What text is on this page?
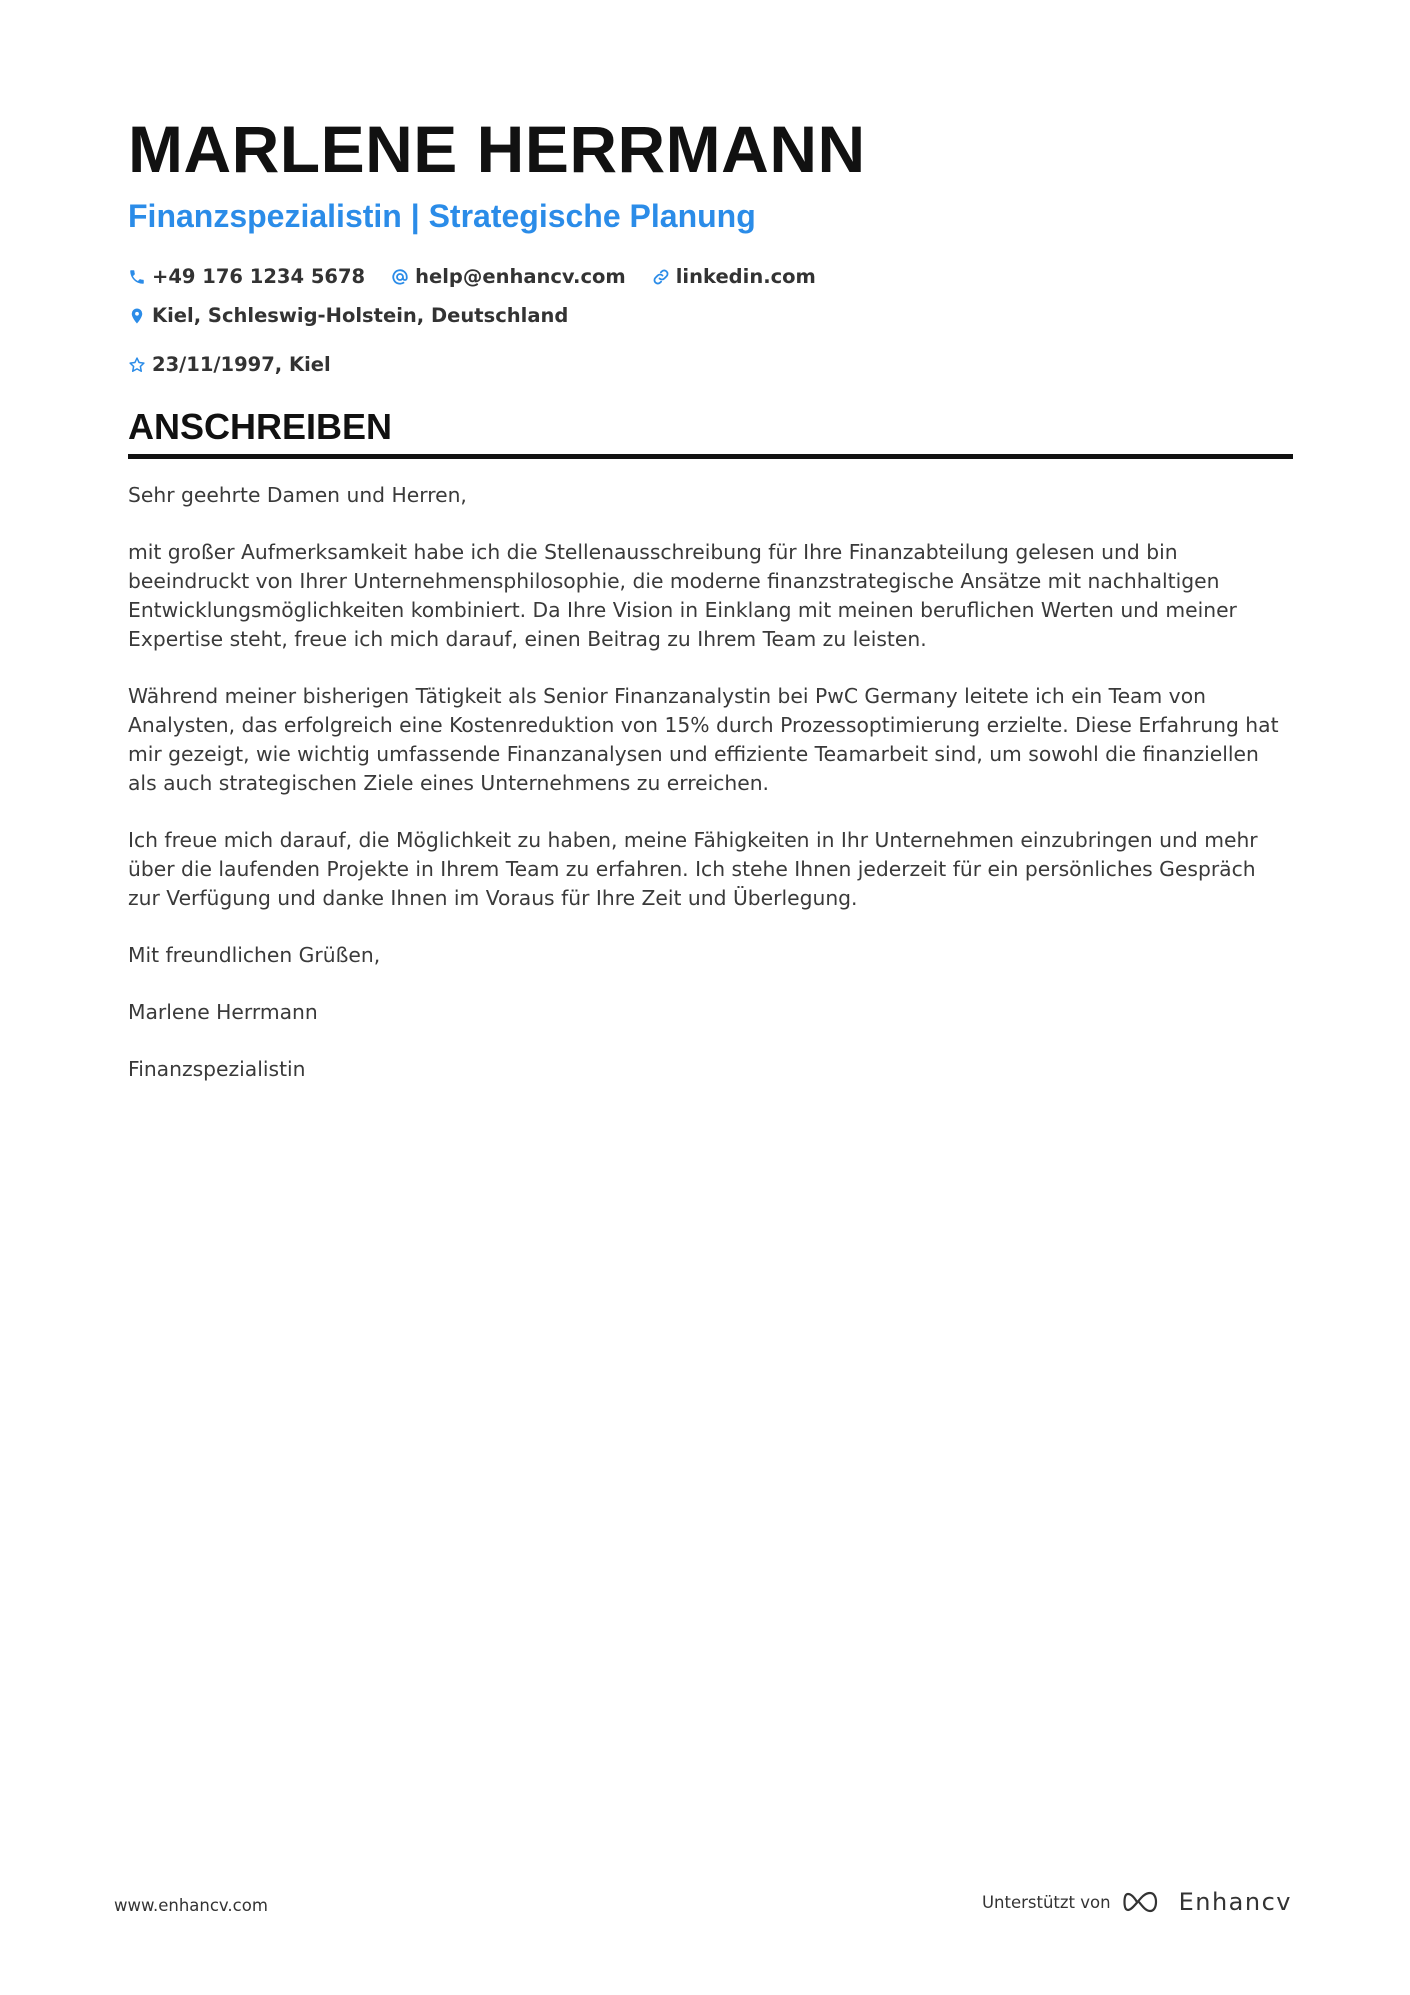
MARLENE HERRMANN
Finanzspezialistin | Strategische Planung
+49 176 1234 5678	help@enhancv.com	linkedin.com
Kiel, Schleswig-Holstein, Deutschland
23/11/1997, Kiel
ANSCHREIBEN

Sehr geehrte Damen und Herren,

mit großer Aufmerksamkeit habe ich die Stellenausschreibung für Ihre Finanzabteilung gelesen und bin beeindruckt von Ihrer Unternehmensphilosophie, die moderne finanzstrategische Ansätze mit nachhaltigen Entwicklungsmöglichkeiten kombiniert. Da Ihre Vision in Einklang mit meinen beruflichen Werten und meiner Expertise steht, freue ich mich darauf, einen Beitrag zu Ihrem Team zu leisten.

Während meiner bisherigen Tätigkeit als Senior Finanzanalystin bei PwC Germany leitete ich ein Team von Analysten, das erfolgreich eine Kostenreduktion von 15% durch Prozessoptimierung erzielte. Diese Erfahrung hat mir gezeigt, wie wichtig umfassende Finanzanalysen und effiziente Teamarbeit sind, um sowohl die finanziellen als auch strategischen Ziele eines Unternehmens zu erreichen.

Ich freue mich darauf, die Möglichkeit zu haben, meine Fähigkeiten in Ihr Unternehmen einzubringen und mehr über die laufenden Projekte in Ihrem Team zu erfahren. Ich stehe Ihnen jederzeit für ein persönliches Gespräch zur Verfügung und danke Ihnen im Voraus für Ihre Zeit und Überlegung.

Mit freundlichen Grüßen,

Marlene Herrmann

Finanzspezialistin

www.enhancv.com	Unterstützt von	Enhancv
